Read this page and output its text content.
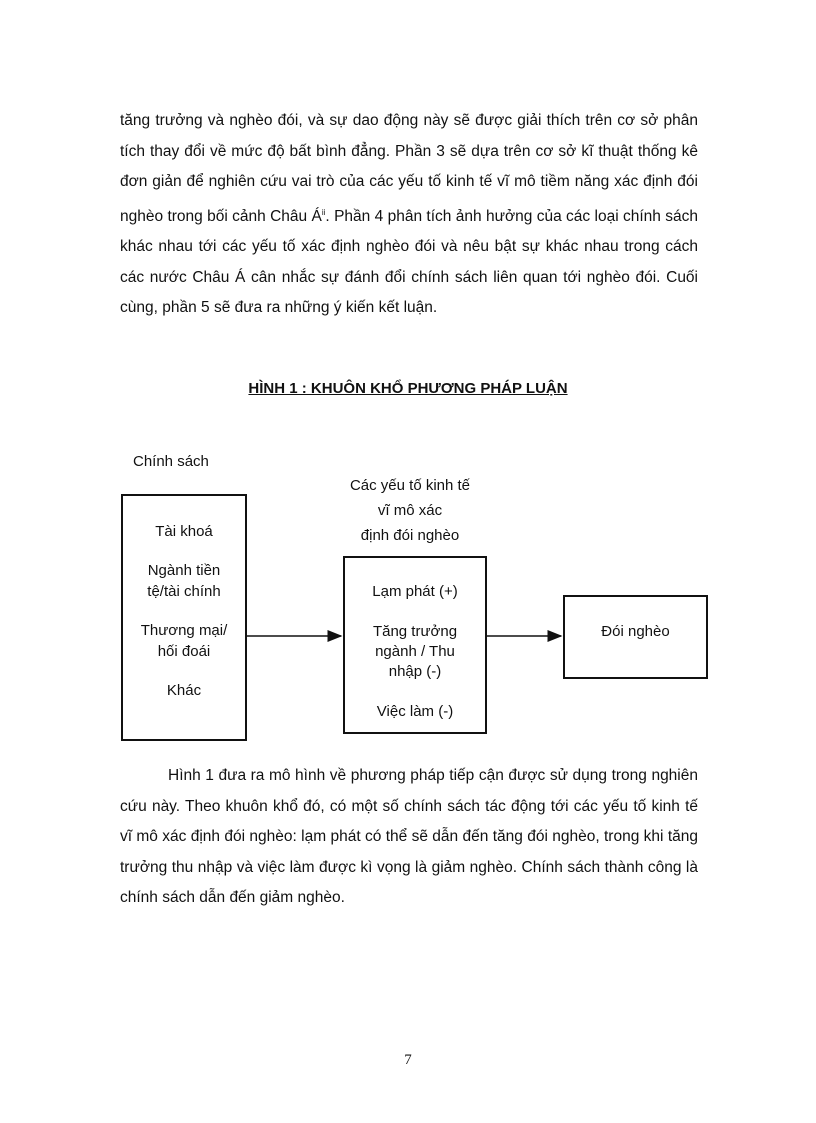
tăng trưởng và nghèo đói, và sự dao động này sẽ được giải thích trên cơ sở phân tích thay đổi về mức độ bất bình đẳng. Phần 3 sẽ dựa trên cơ sở kĩ thuật thống kê đơn giản để nghiên cứu vai trò của các yếu tố kinh tế vĩ mô tiềm năng xác định đói nghèo trong bối cảnh Châu $Á^{ii}$. Phần 4 phân tích ảnh hưởng của các loại chính sách khác nhau tới các yếu tố xác định nghèo đói và nêu bật sự khác nhau trong cách các nước Châu Á cân nhắc sự đánh đổi chính sách liên quan tới nghèo đói. Cuối cùng, phần 5 sẽ đưa ra những ý kiến kết luận.

HÌNH 1 : KHUÔN KHỔ PHƯƠNG PHÁP LUẬN

Chính sách

Tài khoá

Ngành tiền

tệ/tài chính

Thương mại/

hối đoái

Khác

Các yếu tố kinh tế

vĩ mô xác

định đói nghèo

Lạm phát (+)

Tăng trưởng

ngành / Thu

nhập (-)

Việc làm (-)

Đói nghèo

Hình 1 đưa ra mô hình về phương pháp tiếp cận được sử dụng trong nghiên cứu này. Theo khuôn khổ đó, có một số chính sách tác động tới các yếu tố kinh tế vĩ mô xác định đói nghèo: lạm phát có thể sẽ dẫn đến tăng đói nghèo, trong khi tăng trưởng thu nhập và việc làm được kì vọng là giảm nghèo. Chính sách thành công là chính sách dẫn đến giảm nghèo.

7
